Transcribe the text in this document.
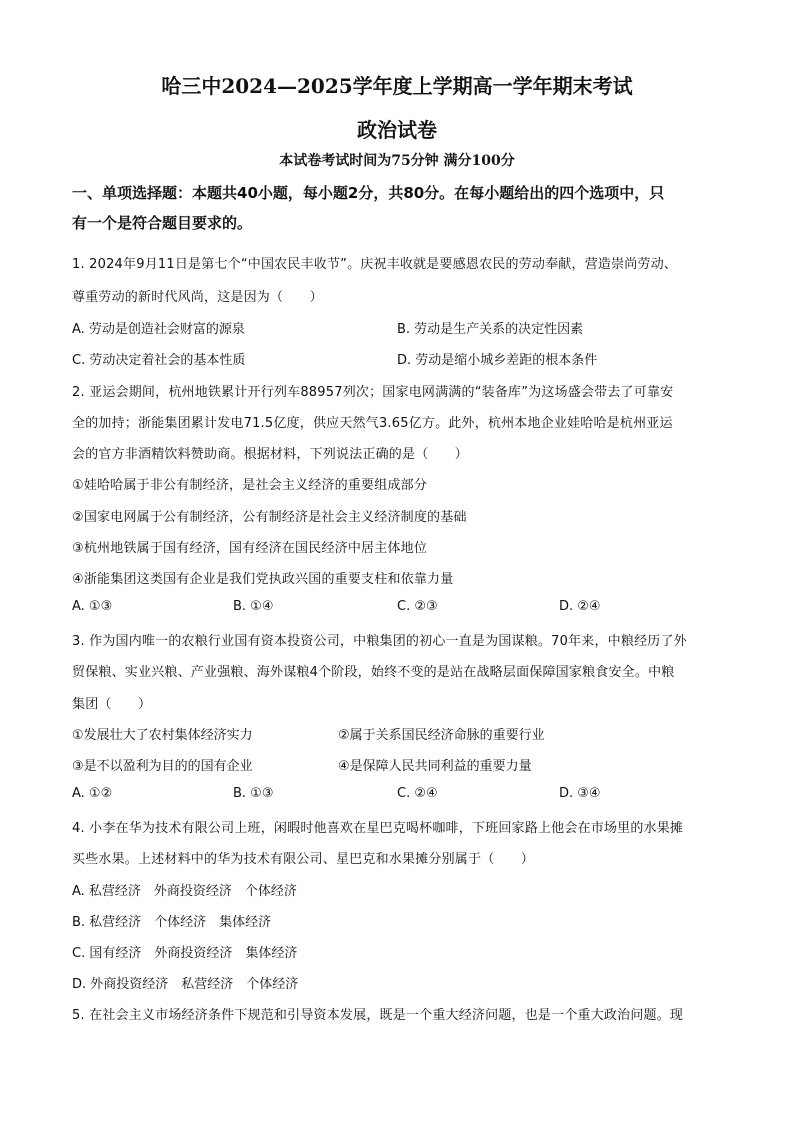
哈三中2024—2025学年度上学期高一学年期末考试
政治试卷
本试卷考试时间为75分钟 满分100分
一、单项选择题：本题共40小题，每小题2分，共80分。在每小题给出的四个选项中，只
有一个是符合题目要求的。
1. 2024年9月11日是第七个“中国农民丰收节”。庆祝丰收就是要感恩农民的劳动奉献，营造崇尚劳动、
尊重劳动的新时代风尚，这是因为（　　）
A. 劳动是创造社会财富的源泉	B. 劳动是生产关系的决定性因素
C. 劳动决定着社会的基本性质	D. 劳动是缩小城乡差距的根本条件
2. 亚运会期间，杭州地铁累计开行列车88957列次；国家电网满满的“装备库”为这场盛会带去了可靠安
全的加持；浙能集团累计发电71.5亿度，供应天然气3.65亿方。此外，杭州本地企业娃哈哈是杭州亚运
会的官方非酒精饮料赞助商。根据材料，下列说法正确的是（　　）
①娃哈哈属于非公有制经济，是社会主义经济的重要组成部分
②国家电网属于公有制经济，公有制经济是社会主义经济制度的基础
③杭州地铁属于国有经济，国有经济在国民经济中居主体地位
④浙能集团这类国有企业是我们党执政兴国的重要支柱和依靠力量
A. ①③	B. ①④	C. ②③	D. ②④
3. 作为国内唯一的农粮行业国有资本投资公司，中粮集团的初心一直是为国谋粮。70年来，中粮经历了外
贸保粮、实业兴粮、产业强粮、海外谋粮4个阶段，始终不变的是站在战略层面保障国家粮食安全。中粮
集团（　　）
①发展壮大了农村集体经济实力	②属于关系国民经济命脉的重要行业
③是不以盈利为目的的国有企业	④是保障人民共同利益的重要力量
A. ①②	B. ①③	C. ②④	D. ③④
4. 小李在华为技术有限公司上班，闲暇时他喜欢在星巴克喝杯咖啡，下班回家路上他会在市场里的水果摊
买些水果。上述材料中的华为技术有限公司、星巴克和水果摊分别属于（　　）
A. 私营经济　外商投资经济　个体经济
B. 私营经济　个体经济　集体经济
C. 国有经济　外商投资经济　集体经济
D. 外商投资经济　私营经济　个体经济
5. 在社会主义市场经济条件下规范和引导资本发展，既是一个重大经济问题，也是一个重大政治问题。现
